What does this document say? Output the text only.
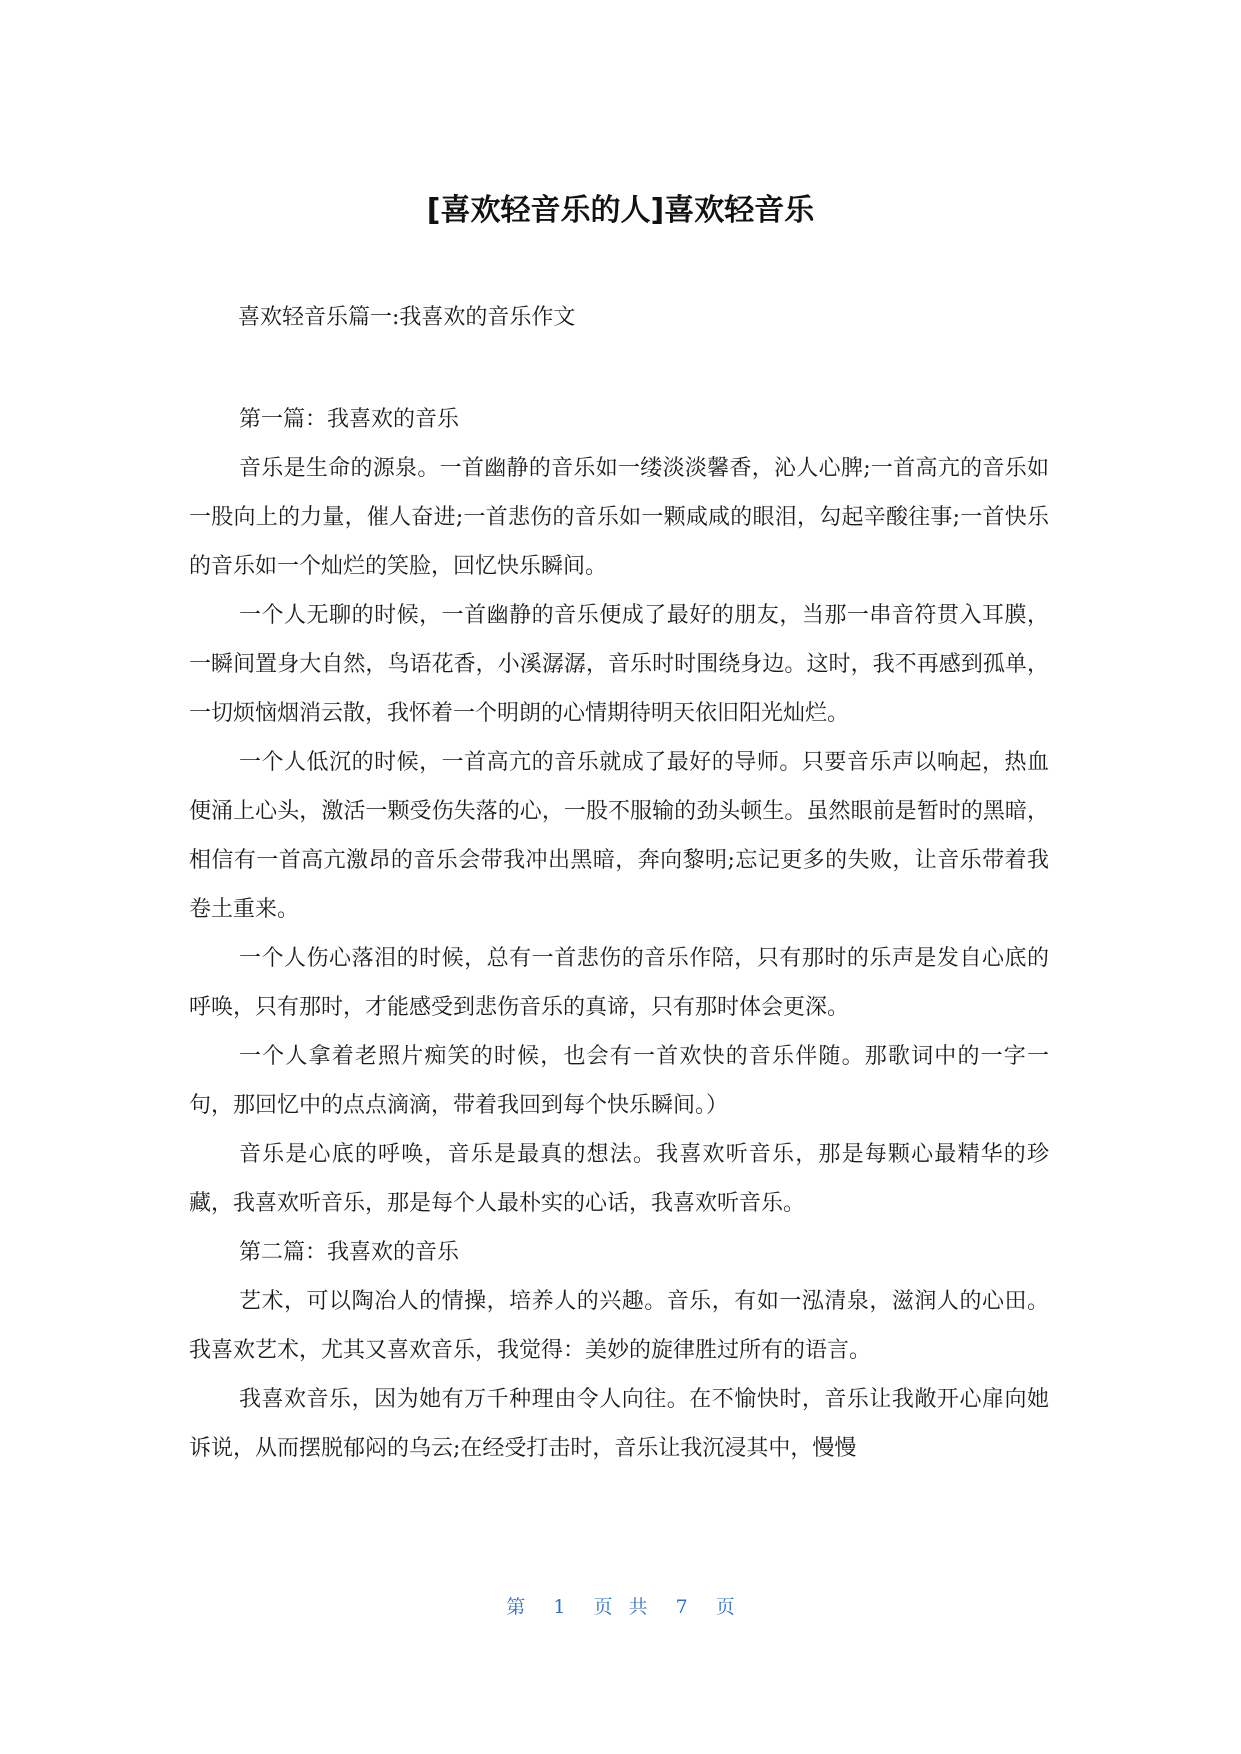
[喜欢轻音乐的人]喜欢轻音乐
喜欢轻音乐篇一:我喜欢的音乐作文

第一篇：我喜欢的音乐

音乐是生命的源泉。一首幽静的音乐如一缕淡淡馨香，沁人心脾;一首高亢的音乐如一股向上的力量，催人奋进;一首悲伤的音乐如一颗咸咸的眼泪，勾起辛酸往事;一首快乐的音乐如一个灿烂的笑脸，回忆快乐瞬间。

一个人无聊的时候，一首幽静的音乐便成了最好的朋友，当那一串音符贯入耳膜，一瞬间置身大自然，鸟语花香，小溪潺潺，音乐时时围绕身边。这时，我不再感到孤单，一切烦恼烟消云散，我怀着一个明朗的心情期待明天依旧阳光灿烂。

一个人低沉的时候，一首高亢的音乐就成了最好的导师。只要音乐声以响起，热血便涌上心头，激活一颗受伤失落的心，一股不服输的劲头顿生。虽然眼前是暂时的黑暗，相信有一首高亢激昂的音乐会带我冲出黑暗，奔向黎明;忘记更多的失败，让音乐带着我卷土重来。

一个人伤心落泪的时候，总有一首悲伤的音乐作陪，只有那时的乐声是发自心底的呼唤，只有那时，才能感受到悲伤音乐的真谛，只有那时体会更深。

一个人拿着老照片痴笑的时候，也会有一首欢快的音乐伴随。那歌词中的一字一句，那回忆中的点点滴滴，带着我回到每个快乐瞬间。）

音乐是心底的呼唤，音乐是最真的想法。我喜欢听音乐，那是每颗心最精华的珍藏，我喜欢听音乐，那是每个人最朴实的心话，我喜欢听音乐。

第二篇：我喜欢的音乐

艺术，可以陶冶人的情操，培养人的兴趣。音乐，有如一泓清泉，滋润人的心田。我喜欢艺术，尤其又喜欢音乐，我觉得：美妙的旋律胜过所有的语言。

我喜欢音乐，因为她有万千种理由令人向往。在不愉快时，音乐让我敞开心扉向她诉说，从而摆脱郁闷的乌云;在经受打击时，音乐让我沉浸其中，慢慢

第 1 页 共 7 页
